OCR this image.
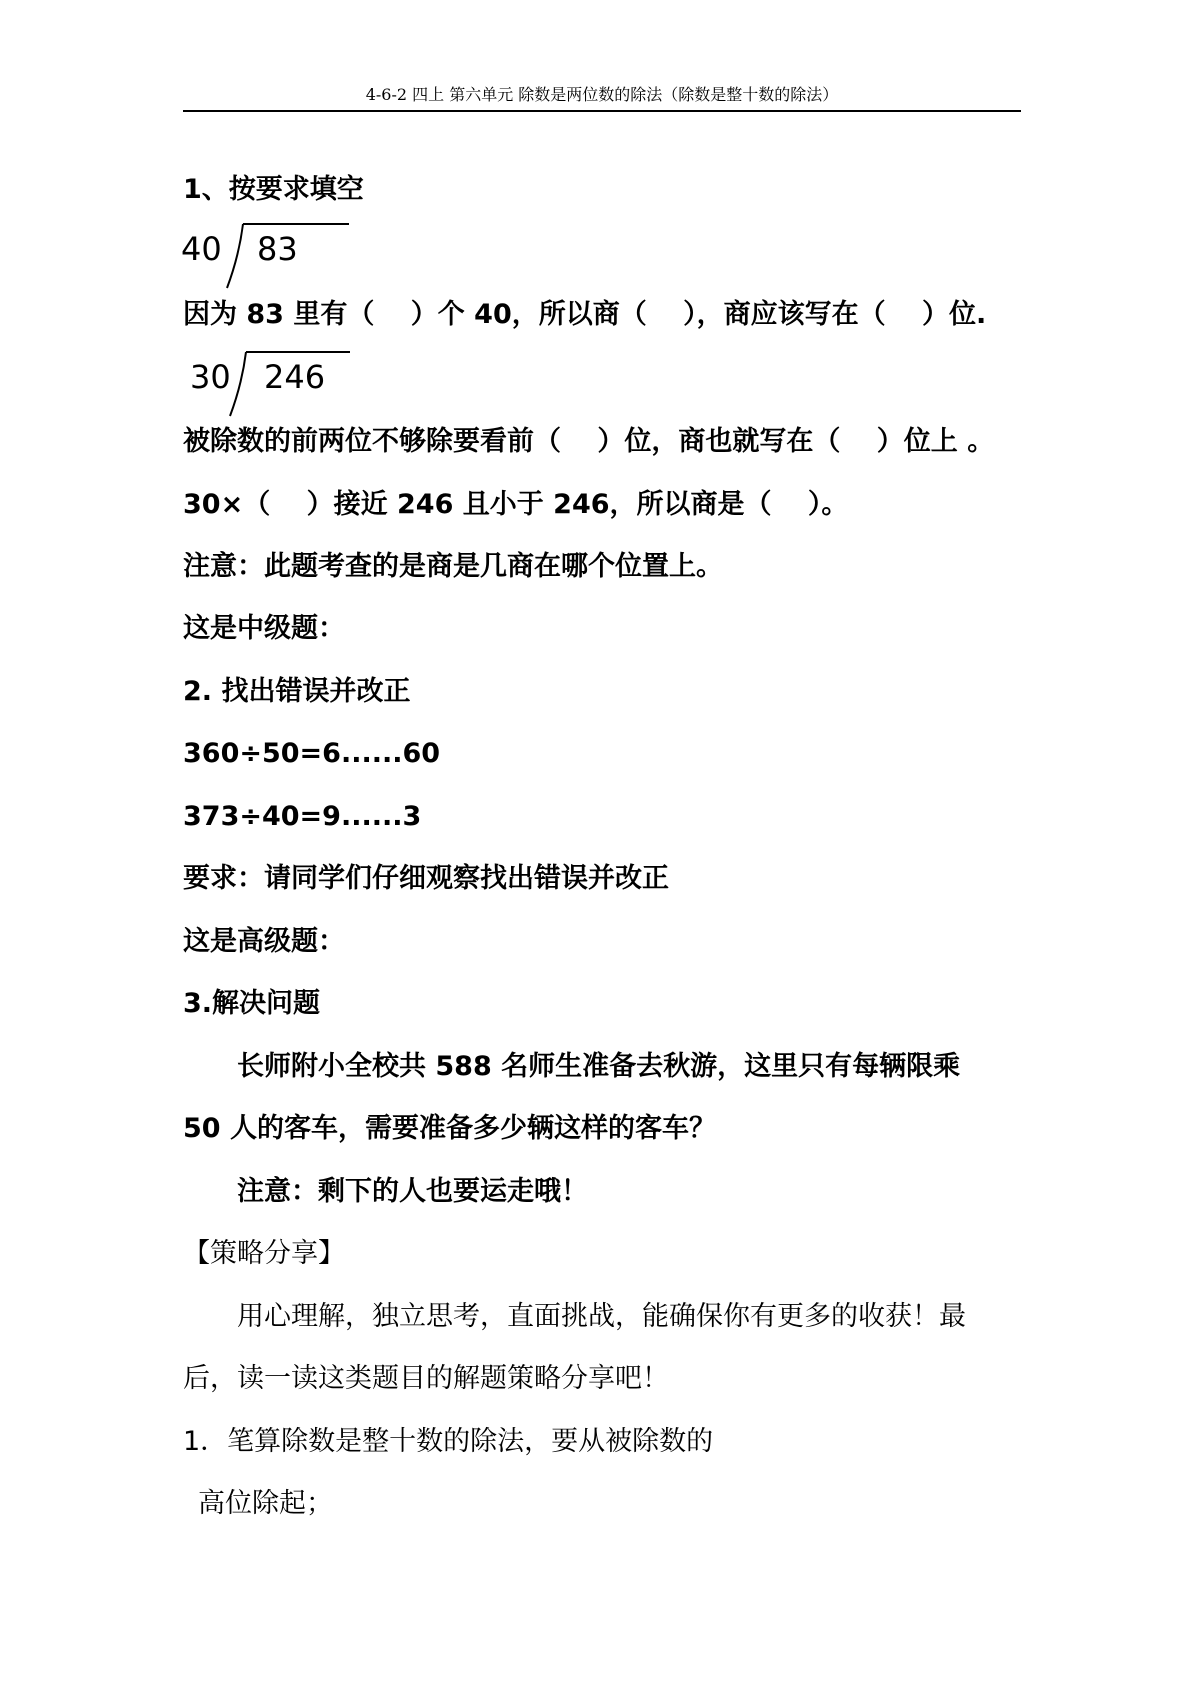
4-6-2 四上 第六单元 除数是两位数的除法（除数是整十数的除法）
1、按要求填空
40 83
因为 83 里有（　 ）个 40，所以商（　 ），商应该写在（　 ）位.
30 246
被除数的前两位不够除要看前（　 ）位，商也就写在（　 ）位上 。
30×（　 ）接近 246 且小于 246，所以商是（　 ）。
注意：此题考查的是商是几商在哪个位置上。
这是中级题：
2. 找出错误并改正
360÷50=6......60
373÷40=9......3
要求：请同学们仔细观察找出错误并改正
这是高级题：
3.解决问题
长师附小全校共 588 名师生准备去秋游，这里只有每辆限乘
50 人的客车，需要准备多少辆这样的客车？
注意：剩下的人也要运走哦！
【策略分享】
用心理解，独立思考，直面挑战，能确保你有更多的收获！最
后，读一读这类题目的解题策略分享吧！
1．笔算除数是整十数的除法，要从被除数的
高位除起；
